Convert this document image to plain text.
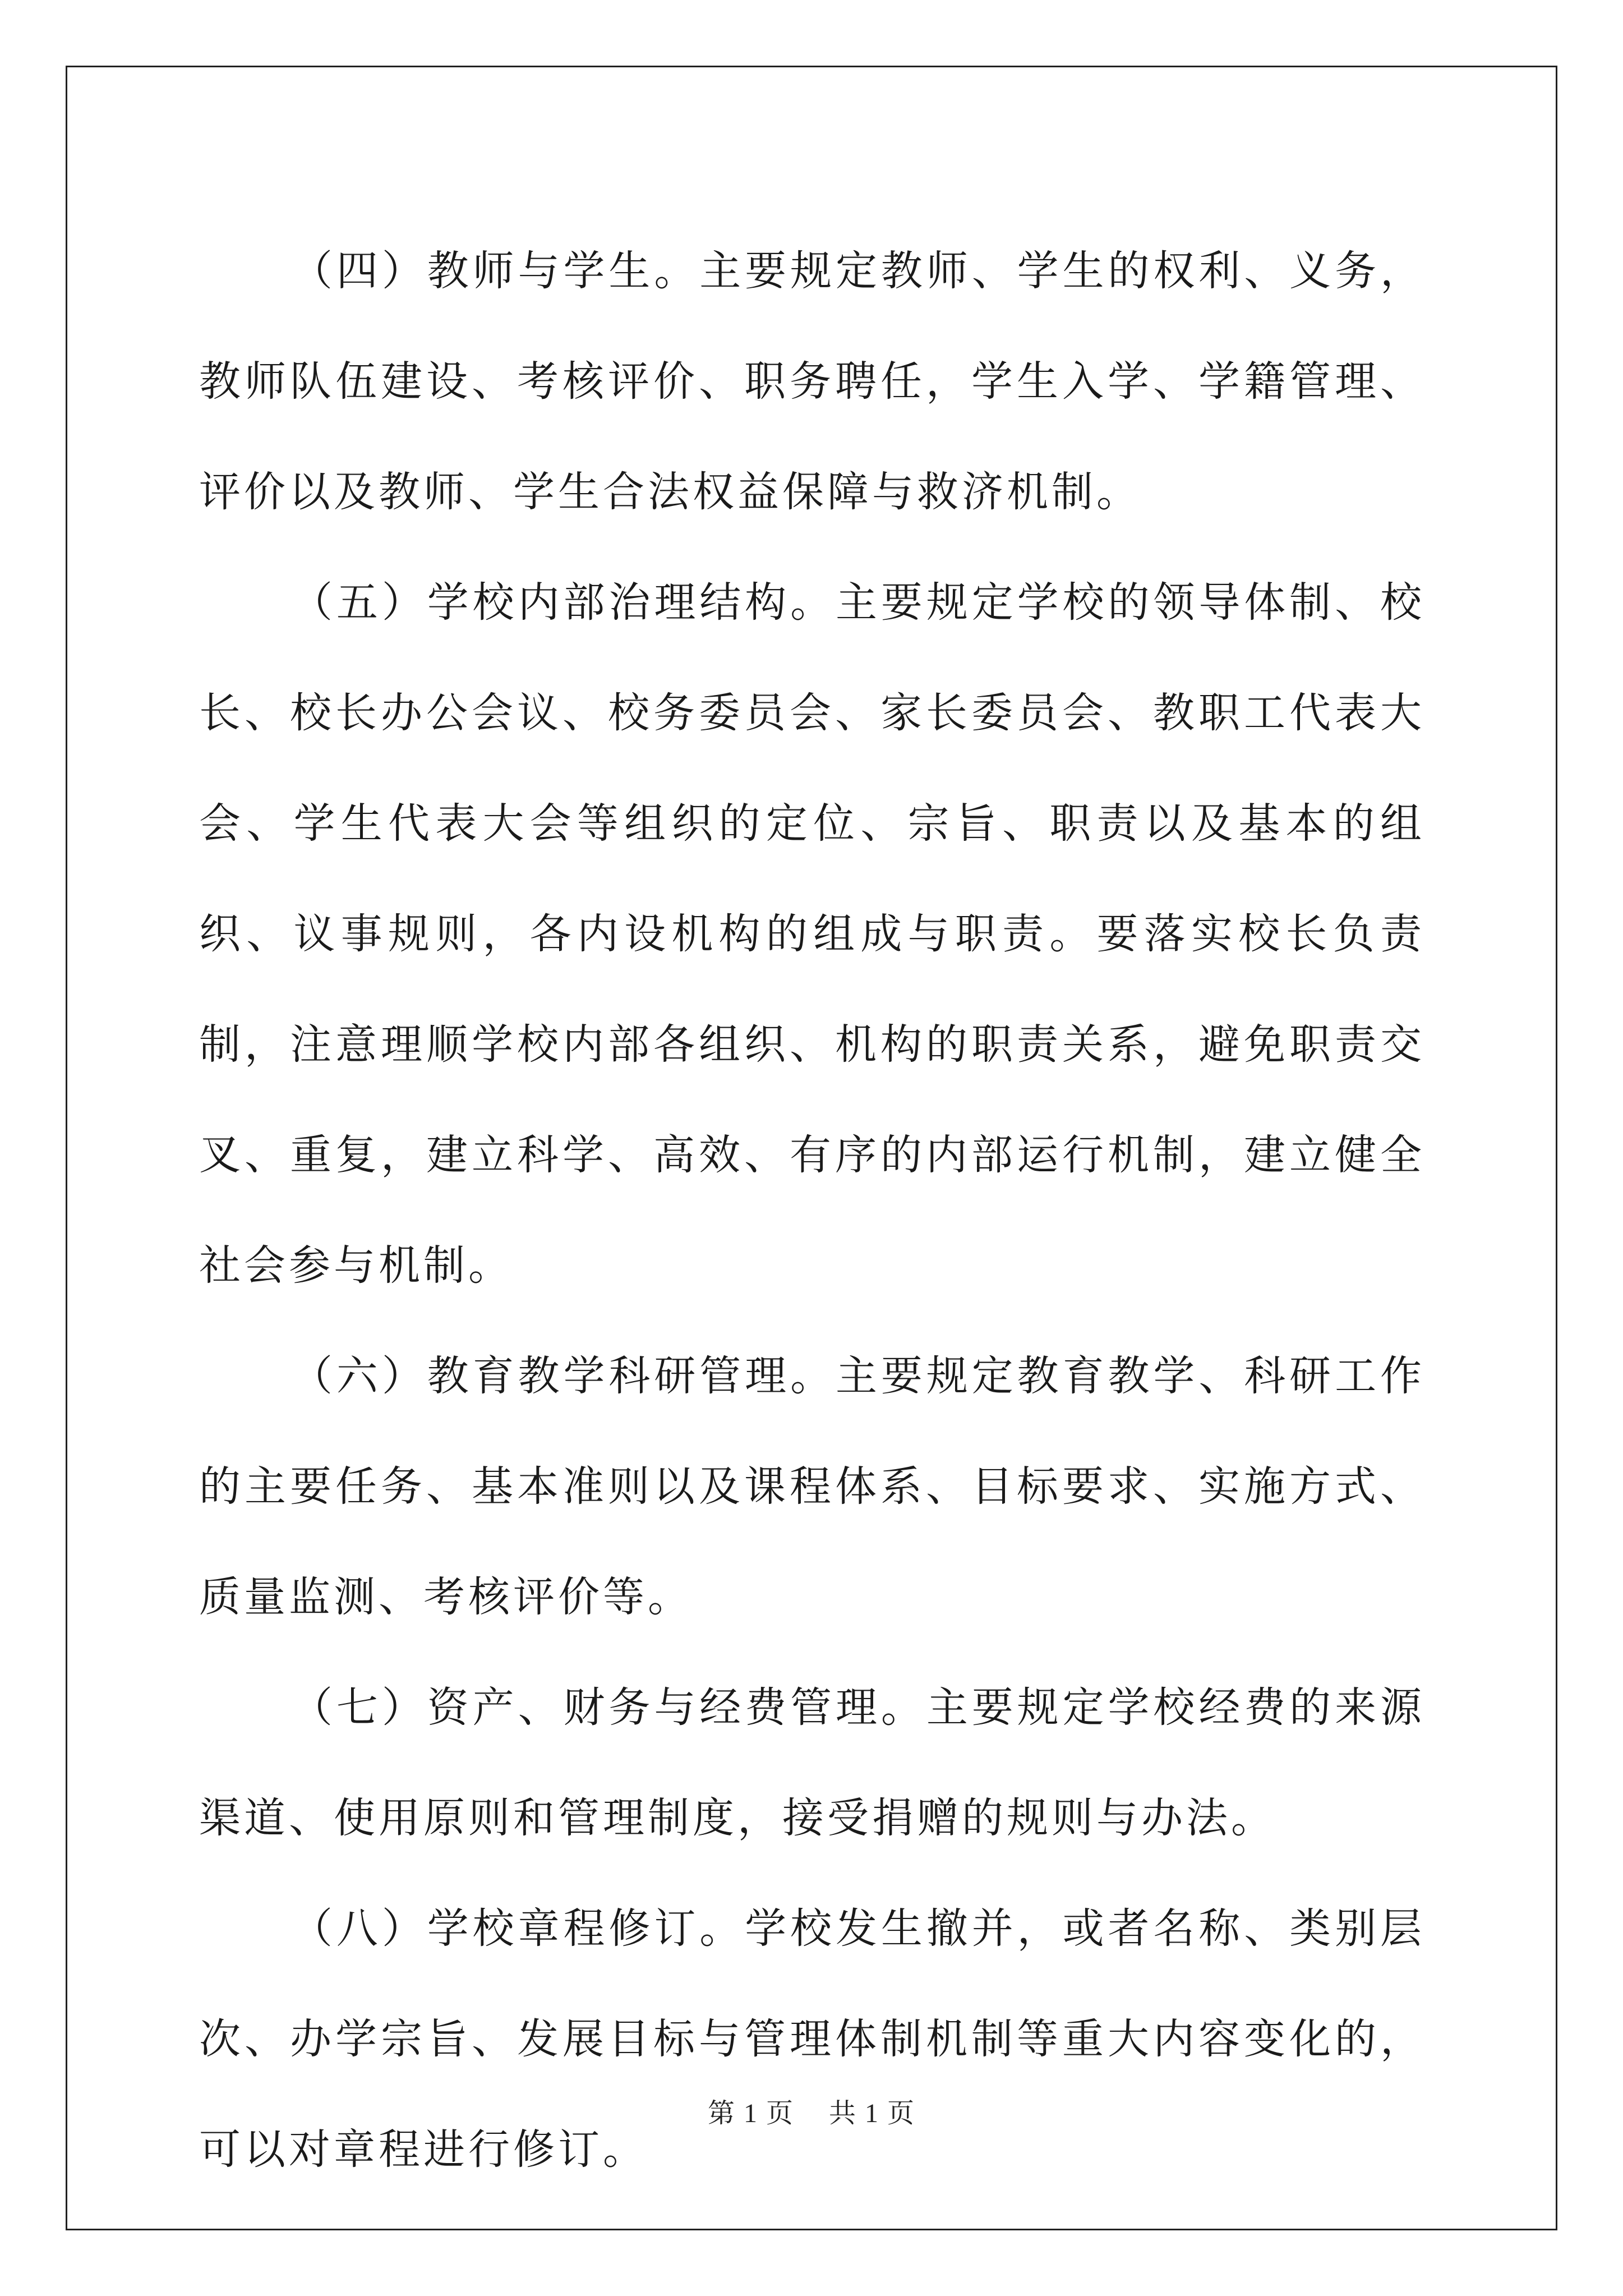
（四）教师与学生。主要规定教师、学生的权利、义务，教师队伍建设、考核评价、职务聘任，学生入学、学籍管理、评价以及教师、学生合法权益保障与救济机制。

（五）学校内部治理结构。主要规定学校的领导体制、校长、校长办公会议、校务委员会、家长委员会、教职工代表大会、学生代表大会等组织的定位、宗旨、职责以及基本的组织、议事规则，各内设机构的组成与职责。要落实校长负责制，注意理顺学校内部各组织、机构的职责关系，避免职责交叉、重复，建立科学、高效、有序的内部运行机制，建立健全社会参与机制。

（六）教育教学科研管理。主要规定教育教学、科研工作的主要任务、基本准则以及课程体系、目标要求、实施方式、质量监测、考核评价等。

（七）资产、财务与经费管理。主要规定学校经费的来源渠道、使用原则和管理制度，接受捐赠的规则与办法。

（八）学校章程修订。学校发生撤并，或者名称、类别层次、办学宗旨、发展目标与管理体制机制等重大内容变化的，可以对章程进行修订。

第 1 页 共 1 页
